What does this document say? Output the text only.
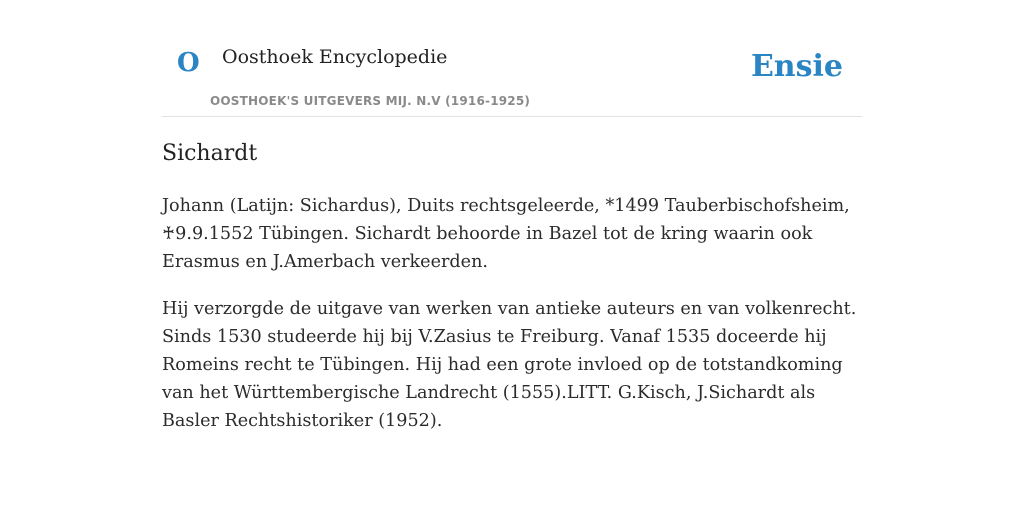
O Oosthoek Encyclopedie
OOSTHOEK'S UITGEVERS MIJ. N.V (1916-1925)
Ensie
Sichardt

Johann (Latijn: Sichardus), Duits rechtsgeleerde, *1499 Tauberbischofsheim, ♰9.9.1552 Tübingen. Sichardt behoorde in Bazel tot de kring waarin ook Erasmus en J.Amerbach verkeerden.

Hij verzorgde de uitgave van werken van antieke auteurs en van volkenrecht. Sinds 1530 studeerde hij bij V.Zasius te Freiburg. Vanaf 1535 doceerde hij Romeins recht te Tübingen. Hij had een grote invloed op de totstandkoming van het Württembergische Landrecht (1555).LITT. G.Kisch, J.Sichardt als Basler Rechtshistoriker (1952).
